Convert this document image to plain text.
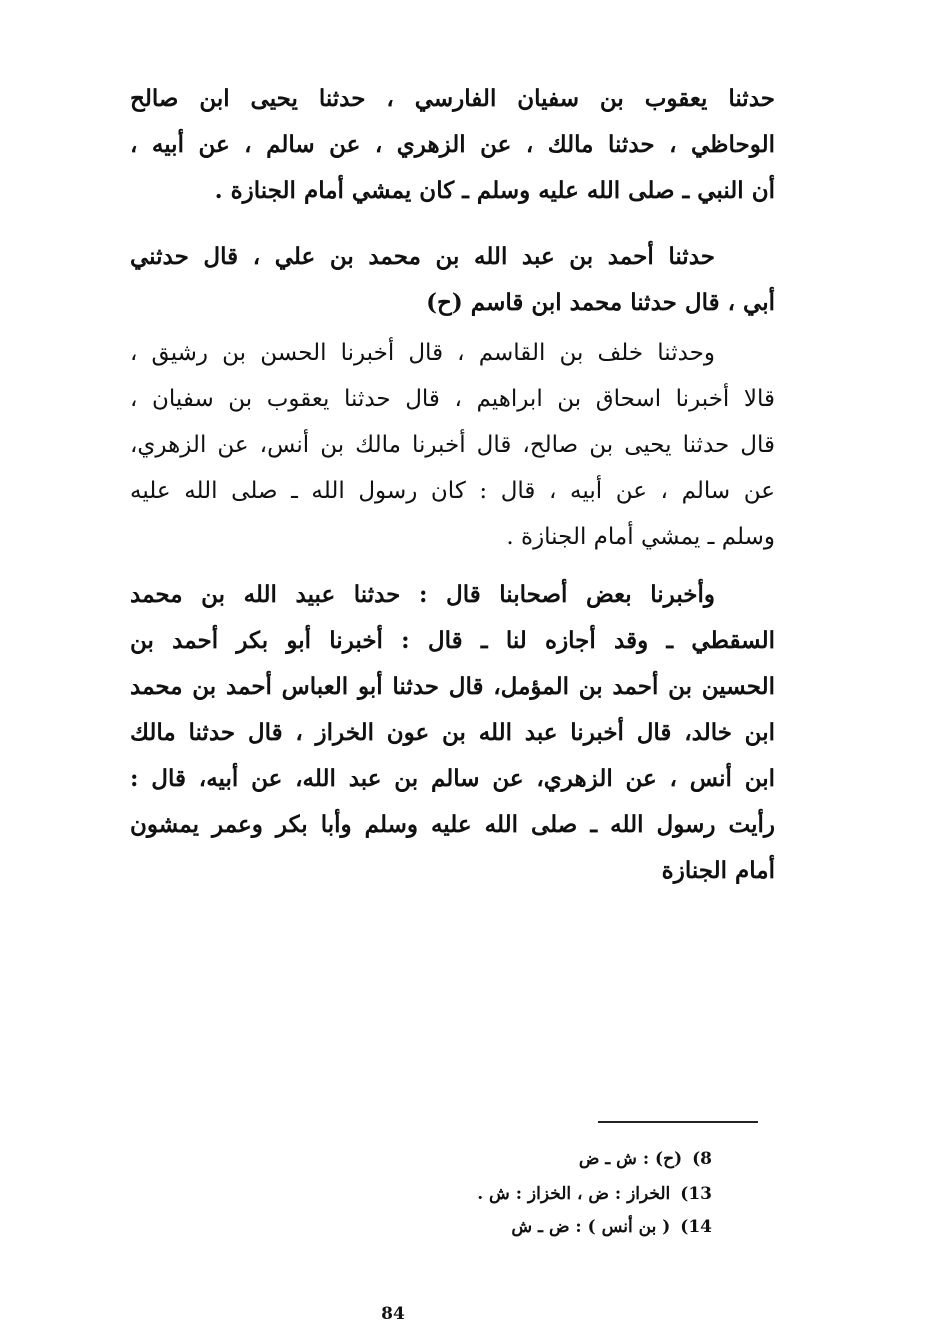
حدثنا يعقوب بن سفيان الفارسي ، حدثنا يحيى ابن صالح
الوحاظي ، حدثنا مالك ، عن الزهري ، عن سالم ، عن أبيه ،
أن النبي ـ صلى الله عليه وسلم ـ كان يمشي أمام الجنازة .
حدثنا أحمد بن عبد الله بن محمد بن علي ، قال حدثني
أبي ، قال حدثنا محمد ابن قاسم (ح)
وحدثنا خلف بن القاسم ، قال أخبرنا الحسن بن رشيق ،
قالا أخبرنا اسحاق بن ابراهيم ، قال حدثنا يعقوب بن سفيان ،
قال حدثنا يحيى بن صالح، قال أخبرنا مالك بن أنس، عن الزهري،
عن سالم ، عن أبيه ، قال : كان رسول الله ـ صلى الله عليه
وسلم ـ يمشي أمام الجنازة .
وأخبرنا بعض أصحابنا قال : حدثنا عبيد الله بن محمد
السقطي ـ وقد أجازه لنا ـ قال : أخبرنا أبو بكر أحمد بن
الحسين بن أحمد بن المؤمل، قال حدثنا أبو العباس أحمد بن محمد
ابن خالد، قال أخبرنا عبد الله بن عون الخراز ، قال حدثنا مالك
ابن أنس ، عن الزهري، عن سالم بن عبد الله، عن أبيه، قال :
رأيت رسول الله ـ صلى الله عليه وسلم وأبا بكر وعمر يمشون
أمام الجنازة
8)(ح) : ش ـ ض
13)الخراز : ض ، الخزاز : ش .
14)( بن أنس ) : ض ـ ش
84
